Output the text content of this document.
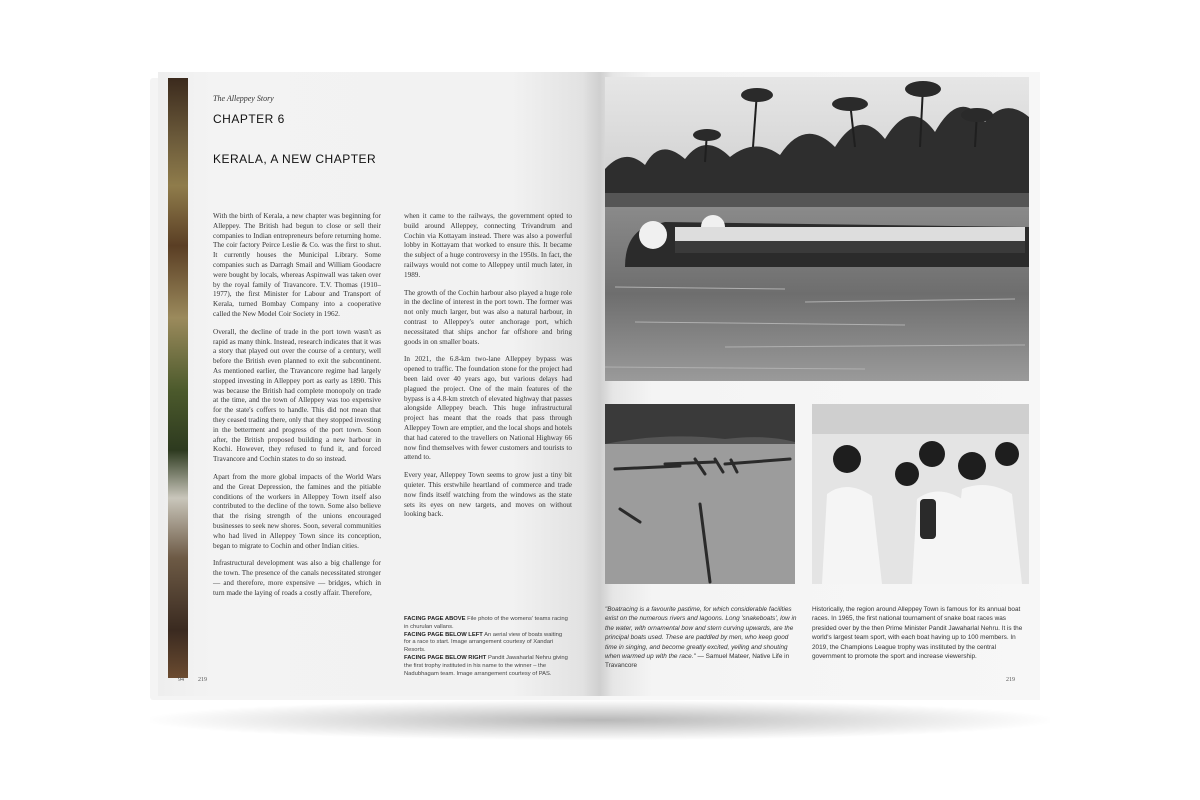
The Alleppey Story
CHAPTER 6
KERALA, A NEW CHAPTER

With the birth of Kerala, a new chapter was beginning for Alleppey. The British had begun to close or sell their companies to Indian entrepreneurs before returning home. The coir factory Peirce Leslie & Co. was the first to shut. It currently houses the Municipal Library. Some companies such as Darragh Smail and William Goodacre were bought by locals, whereas Aspinwall was taken over by the royal family of Travancore. T.V. Thomas (1910–1977), the first Minister for Labour and Transport of Kerala, turned Bombay Company into a cooperative called the New Model Coir Society in 1962.

Overall, the decline of trade in the port town wasn't as rapid as many think. Instead, research indicates that it was a story that played out over the course of a century, well before the British even planned to exit the subcontinent. As mentioned earlier, the Travancore regime had largely stopped investing in Alleppey port as early as 1890. This was because the British had complete monopoly on trade at the time, and the town of Alleppey was too expensive for the state's coffers to handle. This did not mean that they ceased trading there, only that they stopped investing in the betterment and progress of the port town. Soon after, the British proposed building a new harbour in Kochi. However, they refused to fund it, and forced Travancore and Cochin states to do so instead.

Apart from the more global impacts of the World Wars and the Great Depression, the famines and the pitiable conditions of the workers in Alleppey Town itself also contributed to the decline of the town. Some also believe that the rising strength of the unions encouraged businesses to seek new shores. Soon, several communities who had lived in Alleppey Town since its conception, began to migrate to Cochin and other Indian cities.

Infrastructural development was also a big challenge for the town. The presence of the canals necessitated stronger — and therefore, more expensive — bridges, which in turn made the laying of roads a costly affair. Therefore,

when it came to the railways, the government opted to build around Alleppey, connecting Trivandrum and Cochin via Kottayam instead. There was also a powerful lobby in Kottayam that worked to ensure this. It became the subject of a huge controversy in the 1950s. In fact, the railways would not come to Alleppey until much later, in 1989.

The growth of the Cochin harbour also played a huge role in the decline of interest in the port town. The former was not only much larger, but was also a natural harbour, in contrast to Alleppey's outer anchorage port, which necessitated that ships anchor far offshore and bring goods in on smaller boats.

In 2021, the 6.8-km two-lane Alleppey bypass was opened to traffic. The foundation stone for the project had been laid over 40 years ago, but various delays had plagued the project. One of the main features of the bypass is a 4.8-km stretch of elevated highway that passes alongside Alleppey beach. This huge infrastructural project has meant that the roads that pass through Alleppey Town are emptier, and the local shops and hotels that had catered to the travellers on National Highway 66 now find themselves with fewer customers and tourists to attend to.

Every year, Alleppey Town seems to grow just a tiny bit quieter. This erstwhile heartland of commerce and trade now finds itself watching from the windows as the state sets its eyes on new targets, and moves on without looking back.

FACING PAGE ABOVE File photo of the womens' teams racing in churulan vallans.

FACING PAGE BELOW LEFT An aerial view of boats waiting for a race to start. Image arrangement courtesy of Xandari Resorts.

FACING PAGE BELOW RIGHT Pandit Jawaharlal Nehru giving the first trophy instituted in his name to the winner – the Nadubhagam team. Image arrangement courtesy of PAS.

94 219

"Boatracing is a favourite pastime, for which considerable facilities exist on the numerous rivers and lagoons. Long 'snakeboats', low in the water, with ornamental bow and stern curving upwards, are the principal boats used. These are paddled by men, who keep good time in singing, and become greatly excited, yelling and shouting when warmed up with the race." — Samuel Mateer, Native Life in Travancore

Historically, the region around Alleppey Town is famous for its annual boat races. In 1965, the first national tournament of snake boat races was presided over by the then Prime Minister Pandit Jawaharlal Nehru. It is the world's largest team sport, with each boat having up to 100 members. In 2019, the Champions League trophy was instituted by the central government to promote the sport and increase viewership.

219
